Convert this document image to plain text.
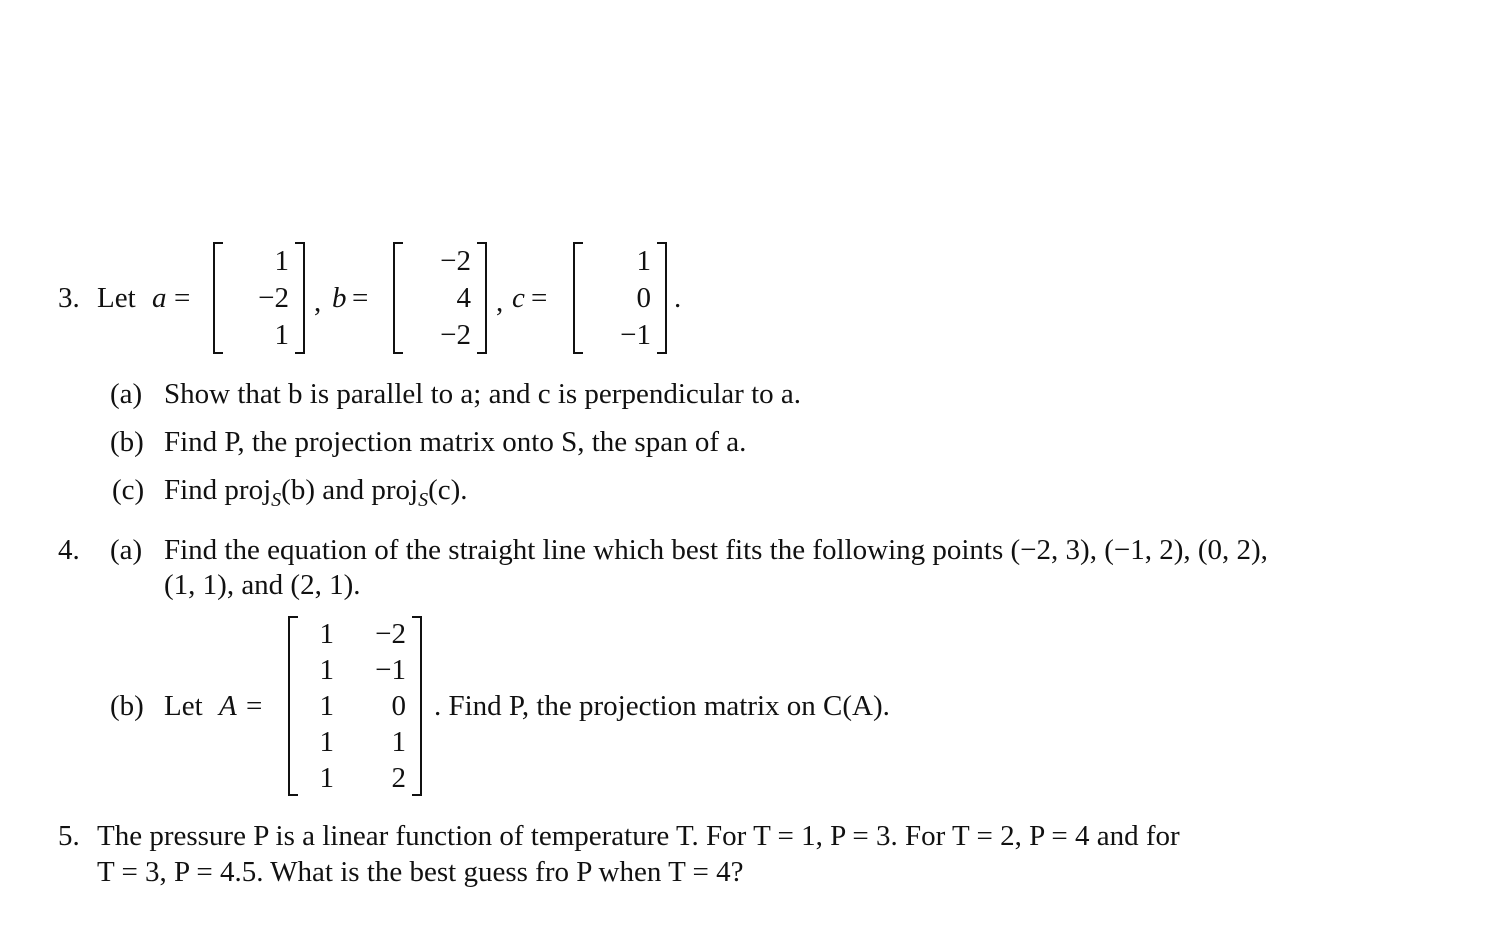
3. Let a =
1
−2
1
, b =
−2
4
−2
, c =
1
0
−1
.
(a) Show that b is parallel to a; and c is perpendicular to a.
(b) Find P, the projection matrix onto S, the span of a.
(c) Find proj$_S$(b) and proj$_S$(c).
4. (a) Find the equation of the straight line which best fits the following points (−2, 3), (−1, 2), (0, 2),
(1, 1), and (2, 1).
(b) Let A =
1
1
1
1
1
−2
−1
0
1
2
. Find P, the projection matrix on C(A).
5. The pressure P is a linear function of temperature T. For T = 1, P = 3. For T = 2, P = 4 and for
T = 3, P = 4.5. What is the best guess fro P when T = 4?
